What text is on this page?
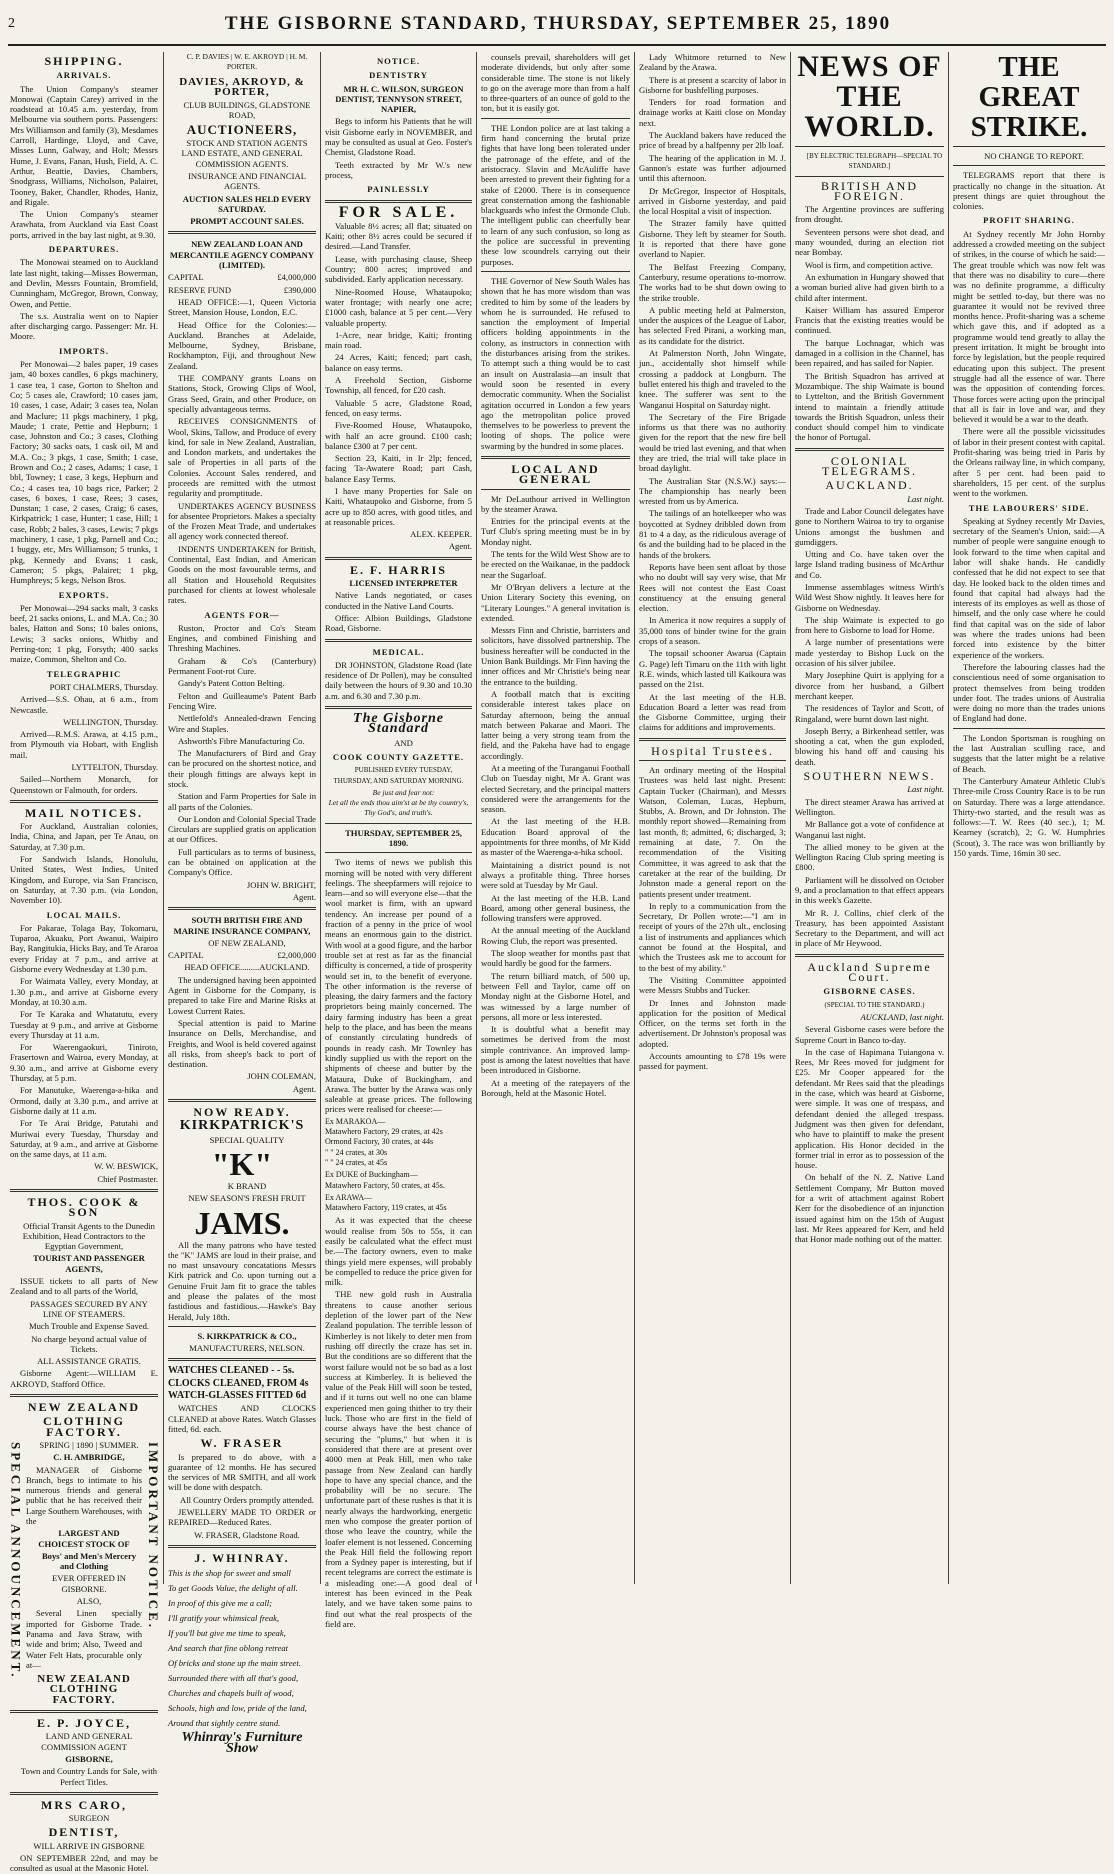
2	THE GISBORNE STANDARD, THURSDAY, SEPTEMBER 25, 1890
SHIPPING.
ARRIVALS.

The Union Company's steamer Monowai (Captain Carey) arrived in the roadstead at 10.45 a.m. yesterday, from Melbourne via southern ports. Passengers: Mrs Williamson and family (3), Mesdames Carroll, Hardinge, Lloyd, and Cave, Misses Lunn, Galway, and Holt; Messrs Hume, J. Evans, Fanan, Hush, Field, A. C. Arthur, Beattie, Davies, Chambers, Snodgrass, Williams, Nicholson, Palairet, Tooney, Baker, Chandler, Rhodes, Haniz, and Rigale.

The Union Company's steamer Arawhata, from Auckland via East Coast ports, arrived in the bay last night, at 9.30.

DEPARTURES.

The Monowai steamed on to Auckland late last night, taking—Misses Bowerman, and Devlin, Messrs Fountain, Bromfield, Cunningham, McGregor, Brown, Conway, Owen, and Pettie.

The s.s. Australia went on to Napier after discharging cargo. Passenger: Mr. H. Moore.

IMPORTS.

Per Monowai—2 bales paper, 19 cases jam, 40 boxes candles, 6 pkgs machinery, 1 case tea, 1 case, Gorton to Shelton and Co; 5 cases ale, Crawford; 10 cases jam, 10 cases, 1 case, Adair; 3 cases tea, Nolan and Maclure; 11 pkgs machinery, 1 pkg, Maude; 1 crate, Pettie and Hepburn; 1 case, Johnston and Co.; 3 cases, Clothing Factory; 30 sacks oats, 1 cask oil, M and M.A. Co.; 3 pkgs, 1 case, Smith; 1 case, Brown and Co.; 2 cases, Adams; 1 case, 1 bbl, Towney; 1 case, 3 kegs, Hepburn and Co.; 4 cases tea, 10 bags rice, Parker; 2 cases, 6 boxes, 1 case, Rees; 3 cases, Dunstan; 1 case, 2 cases, Craig; 6 cases, Kirkpatrick; 1 case, Hunter; 1 case, Hill; 1 case, Robb; 2 bales, 3 cases, Lewis; 7 pkgs machinery, 1 case, 1 pkg, Parnell and Co.; 1 buggy, etc, Mrs Williamson; 5 trunks, 1 pkg, Kennedy and Evans; 1 cask, Cameron; 5 pkgs, Palairet; 1 pkg, Humphreys; 5 kegs, Nelson Bros.

EXPORTS.

Per Monowai—294 sacks malt, 3 casks beef, 21 sacks onions, L. and M.A. Co.; 30 bales, Hatton and Sons; 10 bales onions, Lewis; 3 sacks onions, Whitby and Perring-ton; 1 pkg, Forsyth; 400 sacks maize, Common, Shelton and Co.

TELEGRAPHIC

PORT CHALMERS, Thursday.

Arrived—S.S. Ohau, at 6 a.m., from Newcastle.

WELLINGTON, Thursday.

Arrived—R.M.S. Arawa, at 4.15 p.m., from Plymouth via Hobart, with English mail.

LYTTELTON, Thursday.

Sailed—Northern Monarch, for Queenstown or Falmouth, for orders.

MAIL NOTICES.

For Auckland, Australian colonies, India, China, and Japan, per Te Anau, on Saturday, at 7.30 p.m.

For Sandwich Islands, Honolulu, United States, West Indies, United Kingdom, and Europe, via San Francisco, on Saturday, at 7.30 p.m. (via London, November 10).

LOCAL MAILS.

For Pakarae, Tolaga Bay, Tokomaru, Tuparoa, Akuaku, Port Awanui, Waipiro Bay, Rangitukia, Hicks Bay, and Te Araroa every Friday at 7 p.m., and arrive at Gisborne every Wednesday at 1.30 p.m.

For Waimata Valley, every Monday, at 1.30 p.m., and arrive at Gisborne every Monday, at 10.30 a.m.

For Te Karaka and Whatatutu, every Tuesday at 9 p.m., and arrive at Gisborne every Thursday at 11 a.m.

For Waerengaokuri, Tiniroto, Frasertown and Wairoa, every Monday, at 9.30 a.m., and arrive at Gisborne every Thursday, at 5 p.m.

For Manutuke, Waerenga-a-hika and Ormond, daily at 3.30 p.m., and arrive at Gisborne daily at 11 a.m.

For Te Arai Bridge, Patutahi and Muriwai every Tuesday, Thursday and Saturday, at 9 a.m., and arrive at Gisborne on the same days, at 11 a.m.

W. W. BESWICK,

Chief Postmaster.

THOS. COOK & SON

Official Transit Agents to the Dunedin Exhibition, Head Contractors to the Egyptian Government,

TOURIST AND PASSENGER AGENTS,

ISSUE tickets to all parts of New Zealand and to all parts of the World,

PASSAGES SECURED BY ANY LINE OF STEAMERS.

Much Trouble and Expense Saved.

No charge beyond actual value of Tickets.

ALL ASSISTANCE GRATIS.

Gisborne Agent:—WILLIAM E. AKROYD, Stafford Office.

SPECIAL ANNOUNCEMENT.	IMPORTANT NOTICE.
NEW ZEALAND
CLOTHING FACTORY.

SPRING | 1890 | SUMMER.

C. H. AMBRIDGE,

MANAGER of Gisborne Branch, begs to intimate to his numerous friends and general public that he has received their Large Southern Warehouses, with the

LARGEST AND CHOICEST STOCK OF

Boys' and Men's Mercery and Clothing

EVER OFFERED IN GISBORNE.

ALSO,

Several Linen specially imported for Gisborne Trade. Panama and Java Straw, with wide and brim; Also, Tweed and Water Felt Hats, procurable only at—

NEW ZEALAND CLOTHING FACTORY.
E. P. JOYCE,

LAND AND GENERAL COMMISSION AGENT

GISBORNE,

Town and Country Lands for Sale, with Perfect Titles.

MRS CARO,

SURGEON

DENTIST,

WILL ARRIVE IN GISBORNE

ON SEPTEMBER 22nd, and may be consulted as usual at the Masonic Hotel.

C. P. DAVIES | W. E. AKROYD | H. M. PORTER.

DAVIES, AKROYD, & PORTER,

CLUB BUILDINGS, GLADSTONE ROAD,

AUCTIONEERS,

STOCK AND STATION AGENTS LAND ESTATE, AND GENERAL COMMISSION AGENTS.

INSURANCE AND FINANCIAL AGENTS.

AUCTION SALES HELD EVERY SATURDAY.

PROMPT ACCOUNT SALES.

NEW ZEALAND LOAN AND MERCANTILE AGENCY COMPANY (LIMITED).

CAPITAL	£4,000,000

RESERVE FUND	£390,000

HEAD OFFICE:—1, Queen Victoria Street, Mansion House, London, E.C.

Head Office for the Colonies:—Auckland. Branches at Adelaide, Melbourne, Sydney, Brisbane, Rockhampton, Fiji, and throughout New Zealand.

THE COMPANY grants Loans on Stations, Stock, Growing Clips of Wool, Grass Seed, Grain, and other Produce, on specially advantageous terms.

RECEIVES CONSIGNMENTS of Wool, Skins, Tallow, and Produce of every kind, for sale in New Zealand, Australian, and London markets, and undertakes the sale of Properties in all parts of the Colonies. Account Sales rendered, and proceeds are remitted with the utmost regularity and promptitude.

UNDERTAKES AGENCY BUSINESS for absentee Proprietors. Makes a specialty of the Frozen Meat Trade, and undertakes all agency work connected thereof.

INDENTS UNDERTAKEN for British, Continental, East Indian, and American Goods on the most favourable terms, and all Station and Household Requisites purchased for clients at lowest wholesale rates.

AGENTS FOR—

Ruston, Proctor and Co's Steam Engines, and combined Finishing and Threshing Machines.

Graham & Co's (Canterbury) Permanent Foot-rot Cure.

Gandy's Patent Cotton Belting.

Felton and Guilleaume's Patent Barb Fencing Wire.

Nettlefold's Annealed-drawn Fencing Wire and Staples.

Ashworth's Fibre Manufacturing Co.

The Manufacturers of Bird and Gray can be procured on the shortest notice, and their plough fittings are always kept in stock.

Station and Farm Properties for Sale in all parts of the Colonies.

Our London and Colonial Special Trade Circulars are supplied gratis on application at our Offices.

Full particulars as to terms of business, can be obtained on application at the Company's Office.

JOHN W. BRIGHT,

Agent.

SOUTH BRITISH FIRE AND MARINE INSURANCE COMPANY,

OF NEW ZEALAND,

CAPITAL	£2,000,000

HEAD OFFICE.........AUCKLAND.

The undersigned having been appointed Agent in Gisborne for the Company, is prepared to take Fire and Marine Risks at Lowest Current Rates.

Special attention is paid to Marine Insurance on Dells, Merchandise, and Freights, and Wool is held covered against all risks, from sheep's back to port of destination.

JOHN COLEMAN,

Agent.

NOW READY.
KIRKPATRICK'S

SPECIAL QUALITY

"K"

K BRAND

NEW SEASON'S FRESH FRUIT

JAMS.

All the many patrons who have tested the "K" JAMS are loud in their praise, and no mast unsavoury concatations Messrs Kirk patrick and Co. upon turning out a Genuine Fruit Jam fit to grace the tables and please the palates of the most fastidious and fastidious.—Hawke's Bay Herald, July 18th.

S. KIRKPATRICK & CO.,

MANUFACTURERS, NELSON.

WATCHES CLEANED - - 5s.

CLOCKS CLEANED, FROM 4s

WATCH-GLASSES FITTED 6d

WATCHES AND CLOCKS CLEANED at above Rates. Watch Glasses fitted, 6d. each.

W. FRASER

Is prepared to do above, with a guarantee of 12 months. He has secured the services of MR SMITH, and all work will be done with despatch.

All Country Orders promptly attended.

JEWELLERY MADE TO ORDER or REPAIRED—Reduced Rates.

W. FRASER, Gladstone Road.

J. WHINRAY.

This is the shop for sweet and small
To get Goods Value, the delight of all.
In proof of this give me a call;
I'll gratify your whimsical freak,
If you'll but give me time to speak,
And search that fine oblong retreat
Of bricks and stone up the main street.
Surrounded there with all that's good,
Churches and chapels built of wood,
Schools, high and low, pride of the land,
Around that sightly centre stand.

Whinray's Furniture Show
NOTICE.
DENTISTRY

MR H. C. WILSON, SURGEON DENTIST, TENNYSON STREET, NAPIER,

Begs to inform his Patients that he will visit Gisborne early in NOVEMBER, and may be consulted as usual at Geo. Foster's Chemist, Gladstone Road.

Teeth extracted by Mr W.'s new process,

PAINLESSLY
FOR SALE.

Valuable 8½ acres; all flat; situated on Kaiti; other 8½ acres could be secured if desired.—Land Transfer.

Lease, with purchasing clause, Sheep Country; 800 acres; improved and subdivided. Early application necessary.

Nine-Roomed House, Whataupoko; water frontage; with nearly one acre; £1000 cash, balance at 5 per cent.—Very valuable property.

1-Acre, near bridge, Kaiti; fronting main road.

24 Acres, Kaiti; fenced; part cash, balance on easy terms.

A Freehold Section, Gisborne Township, all fenced, for £20 cash.

Valuable 5 acre, Gladstone Road, fenced, on easy terms.

Five-Roomed House, Whataupoko, with half an acre ground. £100 cash; balance £300 at 7 per cent.

Section 23, Kaiti, in Ir 2lp; fenced, facing Ta-Awatere Road; part Cash, balance Easy Terms.

I have many Properties for Sale on Kaiti, Whataupoko and Gisborne, from 5 acre up to 850 acres, with good titles, and at reasonable prices.

ALEX. KEEPER.

Agent.

E. F. HARRIS

LICENSED INTERPRETER

Native Lands negotiated, or cases conducted in the Native Land Courts.

Office: Albion Buildings, Gladstone Road, Gisborne.

MEDICAL.

DR JOHNSTON, Gladstone Road (late residence of Dr Pollen), may be consulted daily between the hours of 9.30 and 10.30 a.m. and 6.30 and 7.30 p.m.

The Gisborne Standard

AND

COOK COUNTY GAZETTE.

PUBLISHED EVERY TUESDAY, THURSDAY, AND SATURDAY MORNING.

Be just and fear not:
Let all the ends thou aim'st at be thy country's,
Thy God's, and truth's.

THURSDAY, SEPTEMBER 25, 1890.

Two items of news we publish this morning will be noted with very different feelings. The sheepfarmers will rejoice to learn—and so will everyone else—that the wool market is firm, with an upward tendency. An increase per pound of a fraction of a penny in the price of wool means an enormous gain to the district. With wool at a good figure, and the harbor trouble set at rest as far as the financial difficulty is concerned, a tide of prosperity would set in, to the benefit of everyone. The other information is the reverse of pleasing, the dairy farmers and the factory proprietors being mainly concerned. The dairy farming industry has been a great help to the place, and has been the means of constantly circulating hundreds of pounds in ready cash. Mr Townley has kindly supplied us with the report on the shipments of cheese and butter by the Mataura, Duke of Buckingham, and Arawa. The butter by the Arawa was only saleable at grease prices. The following prices were realised for cheese:—

Ex MARAKOA—
Matawhero Factory, 29 crates, at 42s
Ormond Factory, 30 crates, at 44s
" " 24 crates, at 30s
" " 24 crates, at 45s

Ex DUKE of Buckingham—
Matawhero Factory, 50 crates, at 45s.

Ex ARAWA—
Matawhero Factory, 119 crates, at 45s

As it was expected that the cheese would realise from 50s to 55s, it can easily be calculated what the effect must be.—The factory owners, even to make things yield mere expenses, will probably be compelled to reduce the price given for milk.

THE new gold rush in Australia threatens to cause another serious depletion of the lower part of the New Zealand population. The terrible lesson of Kimberley is not likely to deter men from rushing off directly the craze has set in. But the conditions are so different that the worst failure would not be so bad as a lost success at Kimberley. It is believed the value of the Peak Hill will soon be tested, and if it turns out well no one can blame experienced men going thither to try their luck. Those who are first in the field of course always have the best chance of securing the "plums," but when it is considered that there are at present over 4000 men at Peak Hill, men who take passage from New Zealand can hardly hope to have any special chance, and the probability will be no secure. The unfortunate part of these rushes is that it is nearly always the hardworking, energetic men who compose the greater portion of those who leave the country, while the loafer element is not lessened. Concerning the Peak Hill field the following report from a Sydney paper is interesting, but if recent telegrams are correct the estimate is a misleading one:—A good deal of interest has been evinced in the Peak lately, and we have taken some pains to find out what the real prospects of the field are.

counsels prevail, shareholders will get moderate dividends, but only after some considerable time. The stone is not likely to go on the average more than from a half to three-quarters of an ounce of gold to the ton, but it is easily got.

THE London police are at last taking a firm hand concerning the brutal prize fights that have long been tolerated under the patronage of the effete, and of the aristocracy. Slavin and McAuliffe have been arrested to prevent their fighting for a stake of £2000. There is in consequence great consternation among the fashionable blackguards who infest the Ormonde Club. The intelligent public can cheerfully bear to learn of any such confusion, so long as the police are successful in preventing these low scoundrels carrying out their purposes.

THE Governor of New South Wales has shown that he has more wisdom than was credited to him by some of the leaders by whom he is surrounded. He refused to sanction the employment of Imperial officers holding appointments in the colony, as instructors in connection with the disturbances arising from the strikes. To attempt such a thing would be to cast an insult on Australasia—an insult that would soon be resented in every democratic community. When the Socialist agitation occurred in London a few years ago the metropolitan police proved themselves to be powerless to prevent the looting of shops. The police were swarming by the hundred in some places.

LOCAL AND GENERAL

Mr DeLauthour arrived in Wellington by the steamer Arawa.

Entries for the principal events at the Turf Club's spring meeting must be in by Monday night.

The tents for the Wild West Show are to be erected on the Waikanae, in the paddock near the Sugarloaf.

Mr O'Bryan delivers a lecture at the Union Literary Society this evening, on "Literary Lounges." A general invitation is extended.

Messrs Finn and Christie, barristers and solicitors, have dissolved partnership. The business hereafter will be conducted in the Union Bank Buildings. Mr Finn having the inner offices and Mr Christie's being near the entrance to the building.

A football match that is exciting considerable interest takes place on Saturday afternoon, being the annual match between Pakarae and Maori. The latter being a very strong team from the field, and the Pakeha have had to engage accordingly.

At a meeting of the Turanganui Football Club on Tuesday night, Mr A. Grant was elected Secretary, and the principal matters considered were the arrangements for the season.

At the last meeting of the H.B. Education Board approval of the appointments for three months, of Mr Kidd as master of the Waerenga-a-hika school.

Maintaining a district pound is not always a profitable thing. Three horses were sold at Tuesday by Mr Gaul.

At the last meeting of the H.B. Land Board, among other general business, the following transfers were approved.

At the annual meeting of the Auckland Rowing Club, the report was presented.

The sloop weather for months past that would hardly be good for the farmers.

The return billiard match, of 500 up, between Fell and Taylor, came off on Monday night at the Gisborne Hotel, and was witnessed by a large number of persons, all more or less interested.

It is doubtful what a benefit may sometimes be derived from the most simple contrivance. An improved lamp-post is among the latest novelties that have been introduced in Gisborne.

At a meeting of the ratepayers of the Borough, held at the Masonic Hotel.

Lady Whitmore returned to New Zealand by the Arawa.

There is at present a scarcity of labor in Gisborne for bushfelling purposes.

Tenders for road formation and drainage works at Kaiti close on Monday next.

The Auckland bakers have reduced the price of bread by a halfpenny per 2lb loaf.

The hearing of the application in M. J. Gannon's estate was further adjourned until this afternoon.

Dr McGregor, Inspector of Hospitals, arrived in Gisborne yesterday, and paid the local Hospital a visit of inspection.

The Strazer family have quitted Gisborne. They left by steamer for South. It is reported that there have gone overland to Napier.

The Belfast Freezing Company, Canterbury, resume operations to-morrow. The works had to be shut down owing to the strike trouble.

A public meeting held at Palmerston, under the auspices of the League of Labor, has selected Fred Pirani, a working man, as its candidate for the district.

At Palmerston North, John Wingate, jun., accidentally shot himself while crossing a paddock at Longburn. The bullet entered his thigh and traveled to the knee. The sufferer was sent to the Wanganui Hospital on Saturday night.

The Secretary of the Fire Brigade informs us that there was no authority given for the report that the new fire bell would be tried last evening, and that when they are tried, the trial will take place in broad daylight.

The Australian Star (N.S.W.) says:—The championship has nearly been wrested from us by America.

The tailings of an hotelkeeper who was boycotted at Sydney dribbled down from 81 to 4 a day, as the ridiculous average of 6s and the building had to be placed in the hands of the brokers.

Reports have been sent afloat by those who no doubt will say very wise, that Mr Rees will not contest the East Coast constituency at the ensuing general election.

In America it now requires a supply of 35,000 tons of binder twine for the grain crops of a season.

The topsail schooner Awarua (Captain G. Page) left Timaru on the 11th with light R.E. winds, which lasted till Kaikoura was passed on the 21st.

At the last meeting of the H.B. Education Board a letter was read from the Gisborne Committee, urging their claims for additions and improvements.

Hospital Trustees.

An ordinary meeting of the Hospital Trustees was held last night. Present: Captain Tucker (Chairman), and Messrs Watson, Coleman, Lucas, Hepburn, Stubbs, A. Brown, and Dr Johnston. The monthly report showed—Remaining from last month, 8; admitted, 6; discharged, 3; remaining at date, 7. On the recommendation of the Visiting Committee, it was agreed to ask that the caretaker at the rear of the building. Dr Johnston made a general report on the patients present under treatment.

In reply to a communication from the Secretary, Dr Pollen wrote:—"I am in receipt of yours of the 27th ult., enclosing a list of instruments and appliances which cannot be found at the Hospital, and which the Trustees ask me to account for to the best of my ability."

The Visiting Committee appointed were Messrs Stubbs and Tucker.

Dr Innes and Johnston made application for the position of Medical Officer, on the terms set forth in the advertisement. Dr Johnston's proposal was adopted.

Accounts amounting to £78 19s were passed for payment.

NEWS OF THE WORLD.

[BY ELECTRIC TELEGRAPH—SPECIAL TO STANDARD.]

BRITISH AND FOREIGN.

The Argentine provinces are suffering from drought.

Seventeen persons were shot dead, and many wounded, during an election riot near Bombay.

Wool is firm, and competition active.

An exhumation in Hungary showed that a woman buried alive had given birth to a child after interment.

Kaiser William has assured Emperor Francis that the existing treaties would be continued.

The barque Lochnagar, which was damaged in a collision in the Channel, has been repaired, and has sailed for Napier.

The British Squadron has arrived at Mozambique. The ship Waimate is bound to Lyttelton, and the British Government intend to maintain a friendly attitude towards the British Squadron, unless their conduct should compel him to vindicate the honor of Portugal.

COLONIAL TELEGRAMS.
AUCKLAND.

Last night.

Trade and Labor Council delegates have gone to Northern Wairoa to try to organise Unions amongst the bushmen and gumdiggers.

Utting and Co. have taken over the large Island trading business of McArthur and Co.

Immense assemblages witness Wirth's Wild West Show nightly. It leaves here for Gisborne on Wednesday.

The ship Waimate is expected to go from here to Gisborne to load for Home.

A large number of presentations were made yesterday to Bishop Luck on the occasion of his silver jubilee.

Mary Josephine Quirt is applying for a divorce from her husband, a Gilbert merchant keeper.

The residences of Taylor and Scott, of Ringaland, were burnt down last night.

Joseph Berry, a Birkenhead settler, was shooting a cat, when the gun exploded, blowing his hand off and causing his death.

SOUTHERN NEWS.

Last night.

The direct steamer Arawa has arrived at Wellington.

Mr Ballance got a vote of confidence at Wanganui last night.

The allied money to be given at the Wellington Racing Club spring meeting is £800.

Parliament will be dissolved on October 9, and a proclamation to that effect appears in this week's Gazette.

Mr R. J. Collins, chief clerk of the Treasury, has been appointed Assistant Secretary to the Department, and will act in place of Mr Heywood.

Auckland Supreme Court.
GISBORNE CASES.

(SPECIAL TO THE STANDARD.)

AUCKLAND, last night.

Several Gisborne cases were before the Supreme Court in Banco to-day.

In the case of Hapimana Tuiangona v. Rees, Mr Rees moved for judgment for £25. Mr Cooper appeared for the defendant. Mr Rees said that the pleadings in the case, which was heard at Gisborne, were simple. It was one of trespass, and defendant denied the alleged trespass. Judgment was then given for defendant, who have to plaintiff to make the present application. His Honor decided in the former trial in error as to possession of the house.

On behalf of the N. Z. Native Land Settlement Company, Mr Button moved for a writ of attachment against Robert Kerr for the disobedience of an injunction issued against him on the 15th of August last. Mr Rees appeared for Kerr, and held that Honor made nothing out of the matter.

THE GREAT STRIKE.

NO CHANGE TO REPORT.

TELEGRAMS report that there is practically no change in the situation. At present things are quiet throughout the colonies.

PROFIT SHARING.

At Sydney recently Mr John Hornby addressed a crowded meeting on the subject of strikes, in the course of which he said:—The great trouble which was now felt was that there was no disability to cure—there was no definite programme, a difficulty might be settled to-day, but there was no guarantee it would not be revived three months hence. Profit-sharing was a scheme which gave this, and if adopted as a programme would tend greatly to allay the present irritation. It might be brought into force by legislation, but the people required educating upon this subject. The present struggle had all the essence of war. There was the opposition of contending forces. Those forces were acting upon the principal that all is fair in love and war, and they believed it would be a war to the death.

There were all the possible vicissitudes of labor in their present contest with capital. Profit-sharing was being tried in Paris by the Orleans railway line, in which company, after 5 per cent. had been paid to shareholders, 15 per cent. of the surplus went to the workmen.

THE LABOURERS' SIDE.

Speaking at Sydney recently Mr Davies, secretary of the Seamen's Union, said:—A number of people were sanguine enough to look forward to the time when capital and labor will shake hands. He candidly confessed that he did not expect to see that day. He looked back to the olden times and found that capital had always had the interests of its employes as well as those of himself, and the only case where he could find that capital was on the side of labor was where the trades unions had been forced into existence by the bitter experience of the workers.

Therefore the labouring classes had the conscientious need of some organisation to protect themselves from being trodden under foot. The trades unions of Australia were doing no more than the trades unions of England had done.

The London Sportsman is roughing on the last Australian sculling race, and suggests that the latter might be a relative of Beach.

The Canterbury Amateur Athletic Club's Three-mile Cross Country Race is to be run on Saturday. There was a large attendance. Thirty-two started, and the result was as follows:—T. W. Rees (40 sec.), 1; M. Kearney (scratch), 2; G. W. Humphries (Scout), 3. The race was won brilliantly by 150 yards. Time, 16min 30 sec.
